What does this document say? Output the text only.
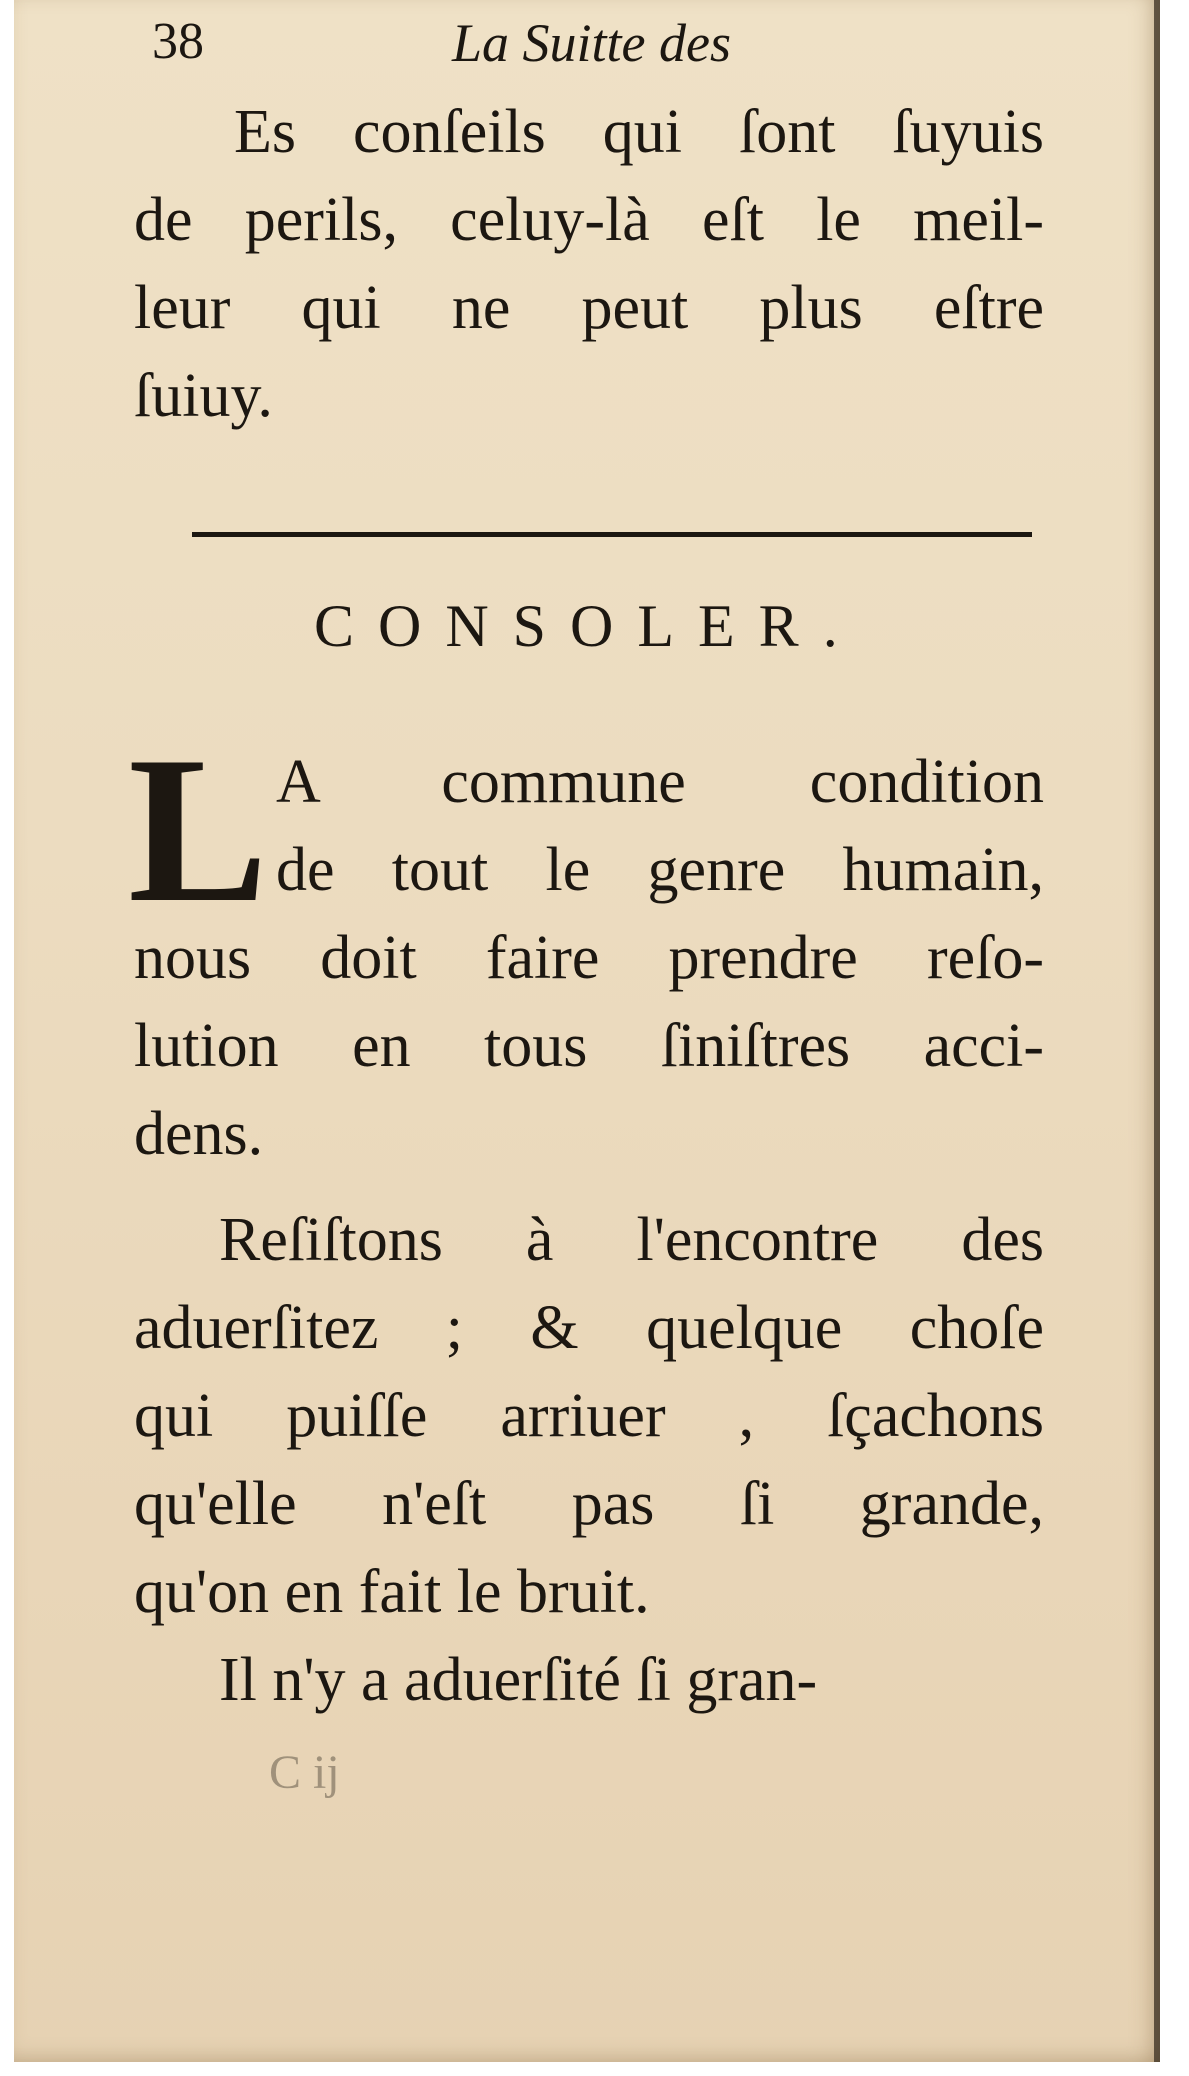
38	La Suitte des
Es conſeils qui ſont ſuyuis
de perils, celuy-là eſt le meil-
leur qui ne peut plus eſtre
ſuiuy.
CONSOLER.
L A commune condition
de tout le genre humain,
nous doit faire prendre reſo-
lution en tous ſiniſtres acci-
dens.
Reſiſtons à l'encontre des
aduerſitez ; & quelque choſe
qui puiſſe arriuer , ſçachons
qu'elle n'eſt pas ſi grande,
qu'on en fait le bruit.
Il n'y a aduerſité ſi gran-
C ij
